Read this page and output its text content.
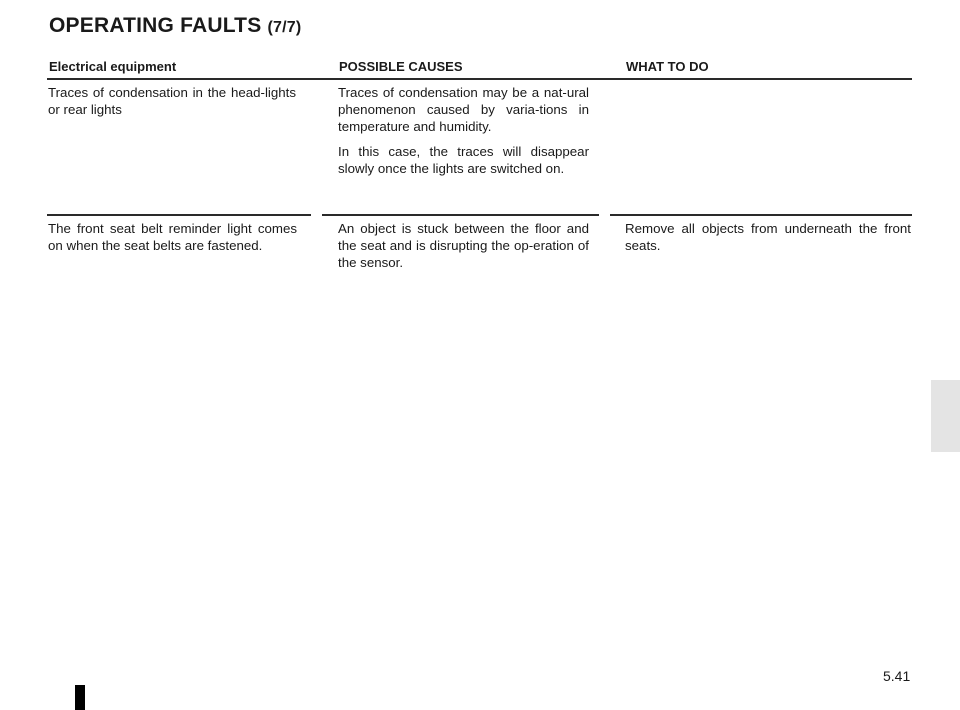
OPERATING FAULTS (7/7)
Electrical equipment	POSSIBLE CAUSES	WHAT TO DO
Traces of condensation in the head-lights or rear lights

Traces of condensation may be a nat-ural phenomenon caused by varia-tions in temperature and humidity.

In this case, the traces will disappear slowly once the lights are switched on.

The front seat belt reminder light comes on when the seat belts are fastened.

An object is stuck between the floor and the seat and is disrupting the op-eration of the sensor.

Remove all objects from underneath the front seats.
5.41
